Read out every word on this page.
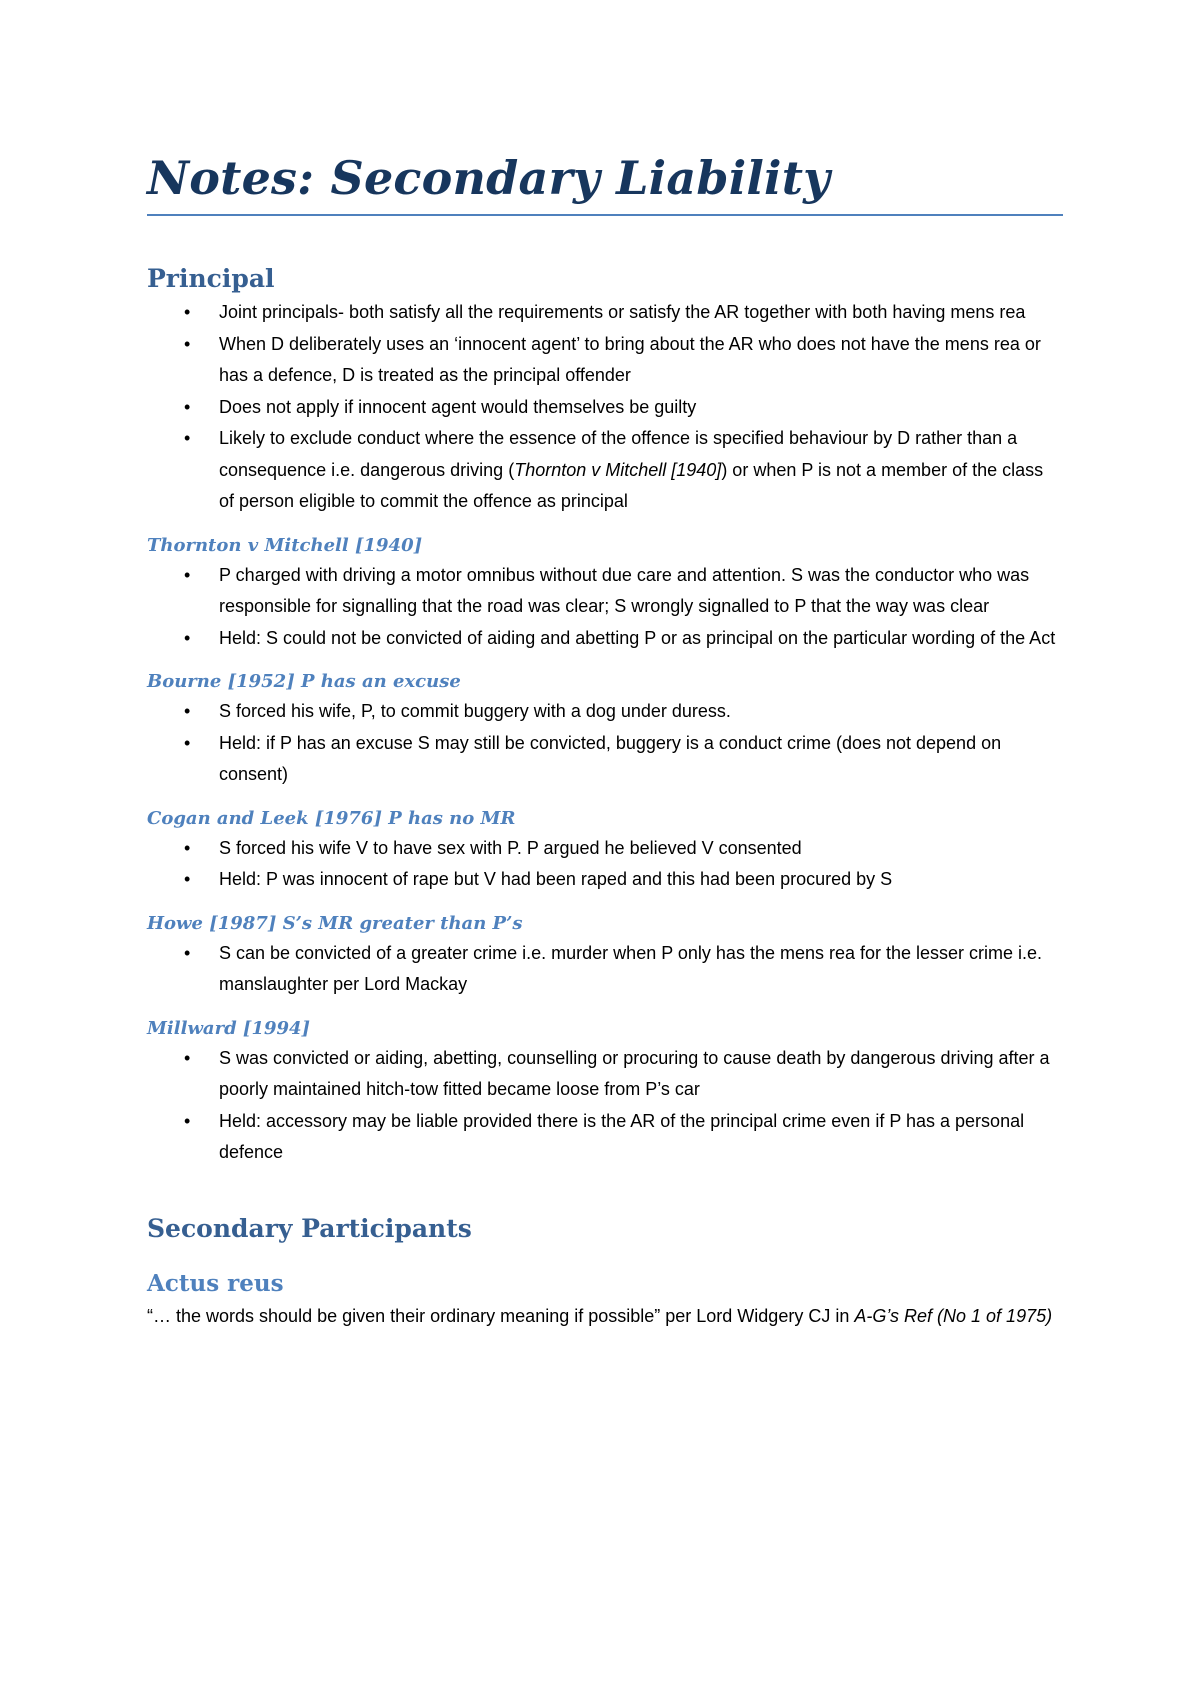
Notes: Secondary Liability
Principal
• Joint principals- both satisfy all the requirements or satisfy the AR together with both having mens rea
• When D deliberately uses an ‘innocent agent’ to bring about the AR who does not have the mens rea or has a defence, D is treated as the principal offender
• Does not apply if innocent agent would themselves be guilty
• Likely to exclude conduct where the essence of the offence is specified behaviour by D rather than a consequence i.e. dangerous driving (Thornton v Mitchell [1940]) or when P is not a member of the class of person eligible to commit the offence as principal
Thornton v Mitchell [1940]
• P charged with driving a motor omnibus without due care and attention. S was the conductor who was responsible for signalling that the road was clear; S wrongly signalled to P that the way was clear
• Held: S could not be convicted of aiding and abetting P or as principal on the particular wording of the Act
Bourne [1952] P has an excuse
• S forced his wife, P, to commit buggery with a dog under duress.
• Held: if P has an excuse S may still be convicted, buggery is a conduct crime (does not depend on consent)
Cogan and Leek [1976] P has no MR
• S forced his wife V to have sex with P. P argued he believed V consented
• Held: P was innocent of rape but V had been raped and this had been procured by S
Howe [1987] S’s MR greater than P’s
• S can be convicted of a greater crime i.e. murder when P only has the mens rea for the lesser crime i.e. manslaughter per Lord Mackay
Millward [1994]
• S was convicted or aiding, abetting, counselling or procuring to cause death by dangerous driving after a poorly maintained hitch-tow fitted became loose from P’s car
• Held: accessory may be liable provided there is the AR of the principal crime even if P has a personal defence
Secondary Participants
Actus reus

“… the words should be given their ordinary meaning if possible” per Lord Widgery CJ in A-G’s Ref (No 1 of 1975)
